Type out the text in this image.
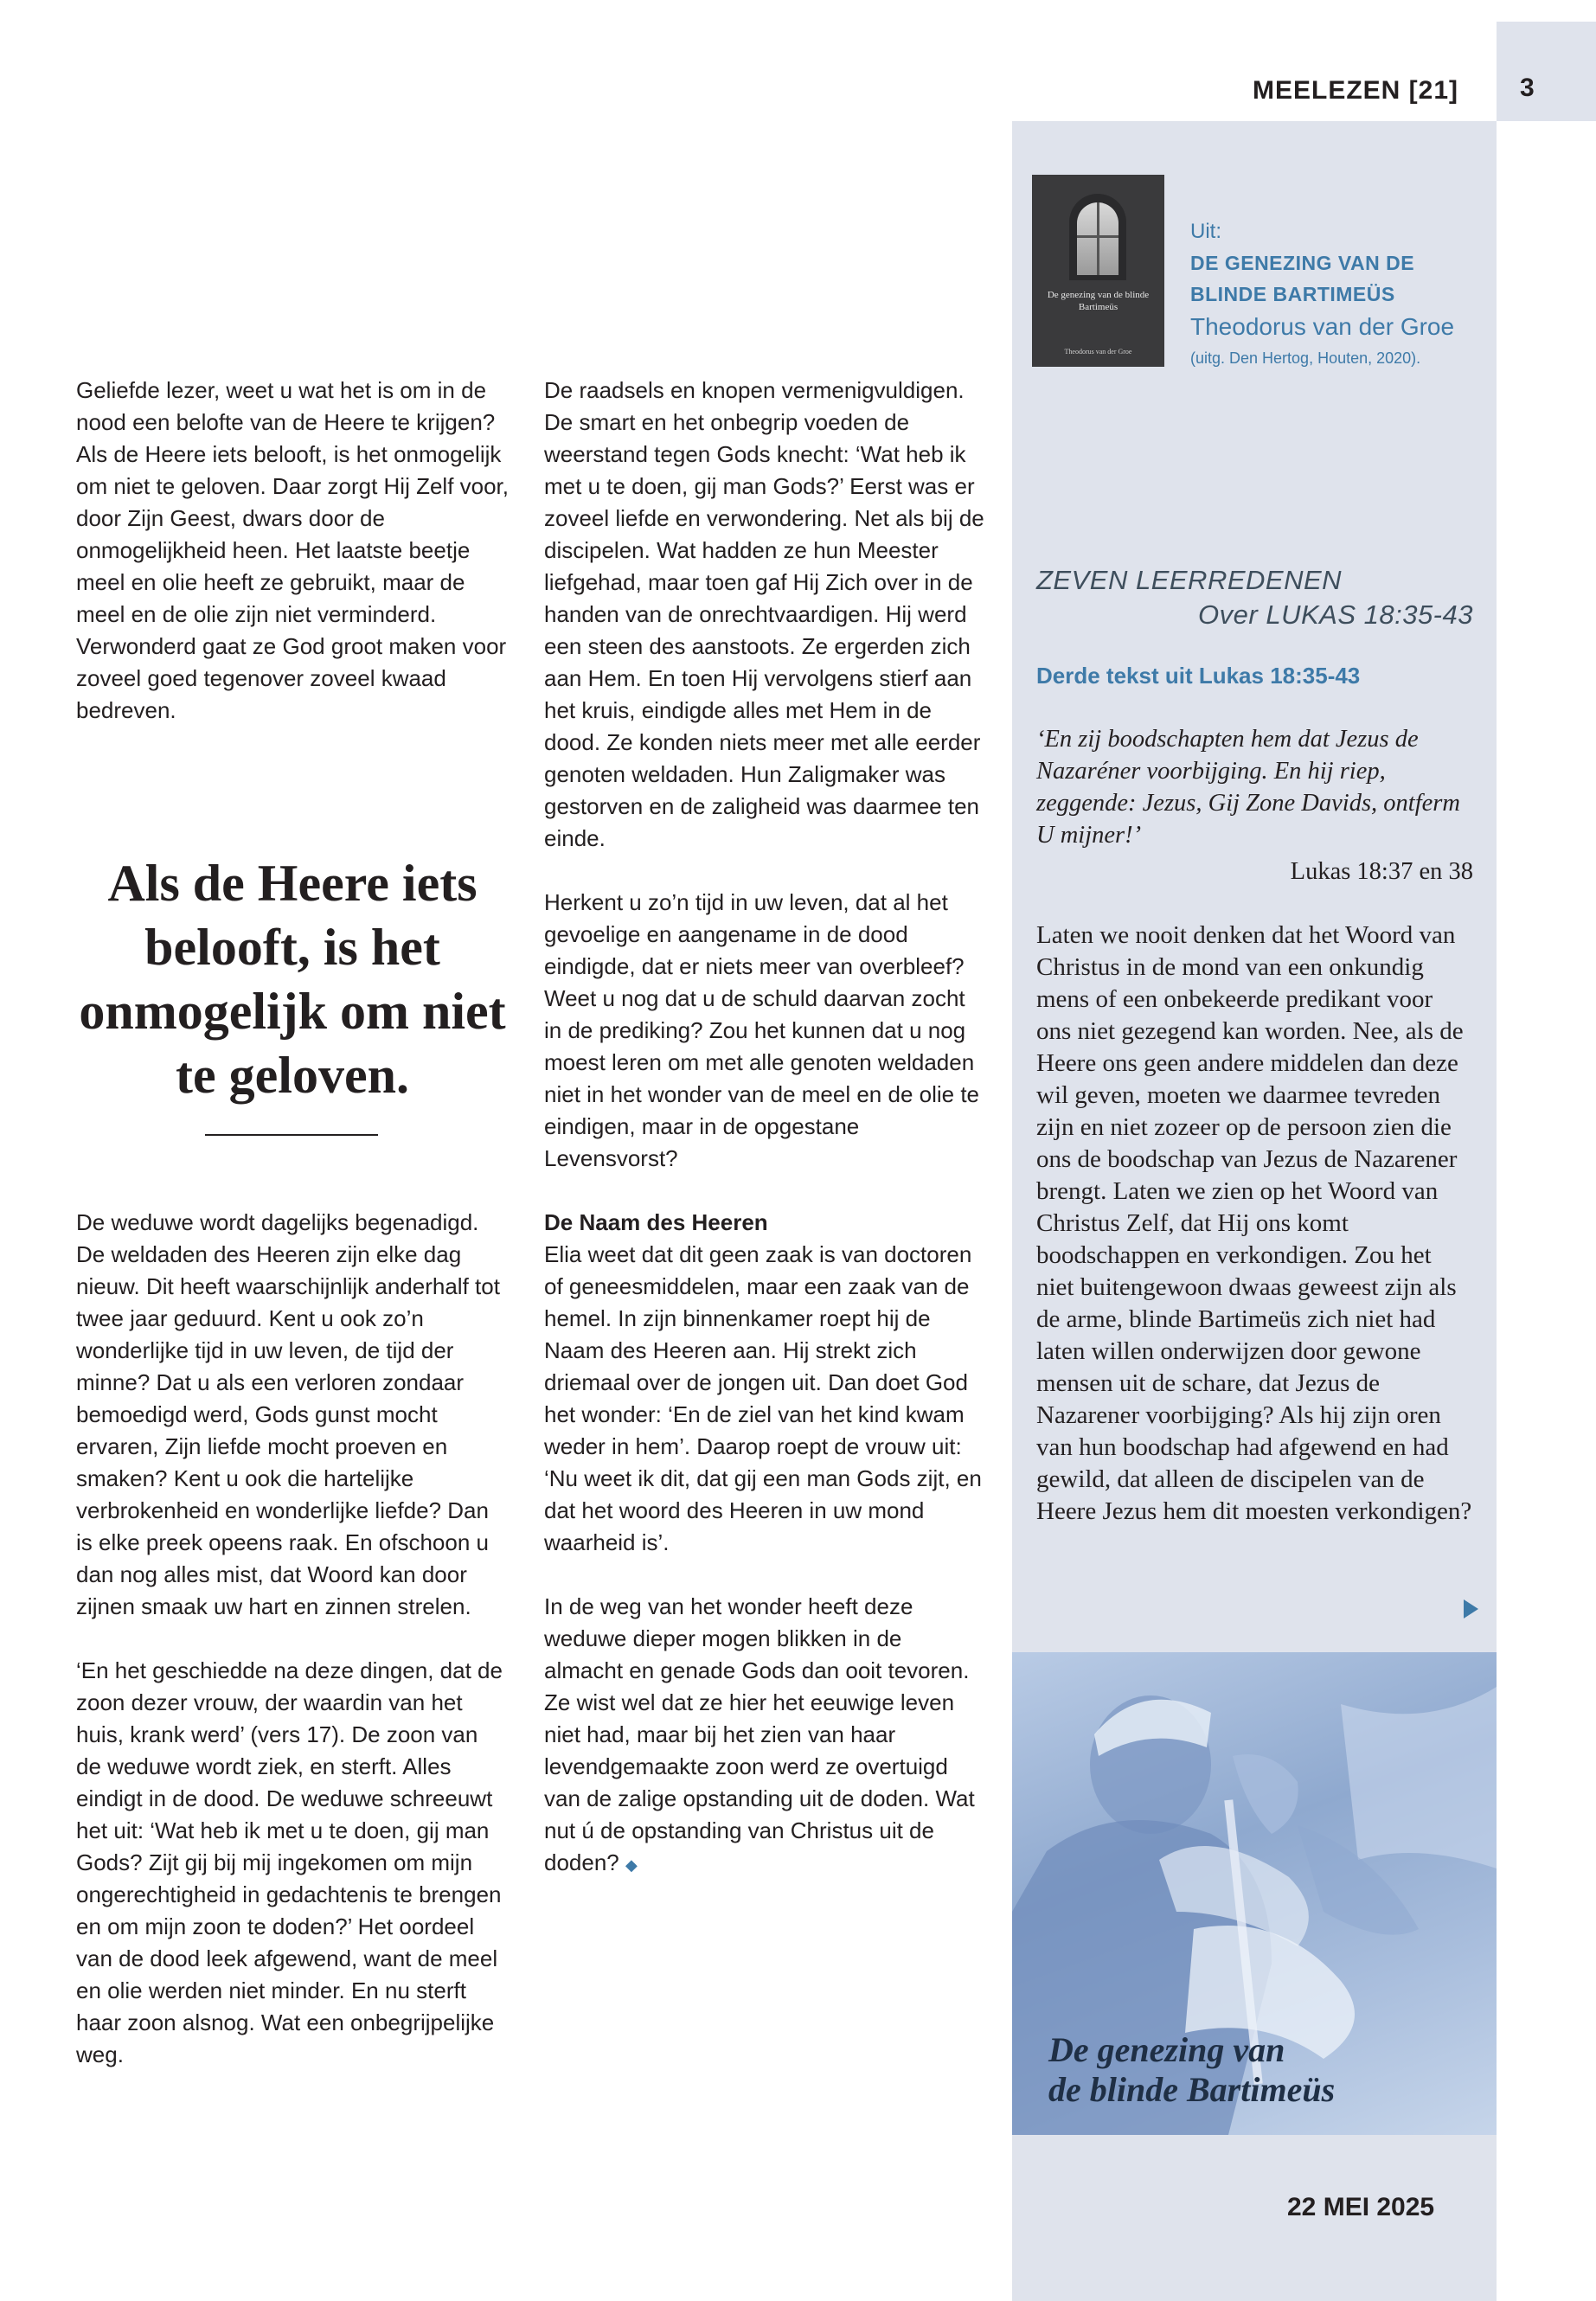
3
MEELEZEN [21]
De genezing van de blinde Bartimeüs
Theodorus van der Groe
Uit:
DE GENEZING VAN DE
BLINDE BARTIMEÜS
Theodorus van der Groe
(uitg. Den Hertog, Houten, 2020).
ZEVEN LEERREDENEN
Over LUKAS 18:35-43
Derde tekst uit Lukas 18:35-43
‘En zij boodschapten hem dat Jezus de Nazaréner voorbijging. En hij riep, zeggende: Jezus, Gij Zone Davids, ontferm U mijner!’
Lukas 18:37 en 38
Laten we nooit denken dat het Woord van Christus in de mond van een onkundig mens of een onbekeerde predikant voor ons niet gezegend kan worden. Nee, als de Heere ons geen andere middelen dan deze wil geven, moeten we daarmee tevreden zijn en niet zozeer op de persoon zien die ons de boodschap van Jezus de Nazarener brengt. Laten we zien op het Woord van Christus Zelf, dat Hij ons komt boodschappen en verkondigen. Zou het niet buitengewoon dwaas geweest zijn als de arme, blinde Bartimeüs zich niet had laten willen onderwijzen door gewone mensen uit de schare, dat Jezus de Nazarener voorbijging? Als hij zijn oren van hun boodschap had afgewend en had gewild, dat alleen de discipelen van de Heere Jezus hem dit moesten verkondigen?
De genezing van
de blinde Bartimeüs
22 MEI 2025

Geliefde lezer, weet u wat het is om in de nood een belofte van de Heere te krijgen? Als de Heere iets belooft, is het onmogelijk om niet te geloven. Daar zorgt Hij Zelf voor, door Zijn Geest, dwars door de onmogelijkheid heen. Het laatste beetje meel en olie heeft ze gebruikt, maar de meel en de olie zijn niet verminderd. Verwonderd gaat ze God groot maken voor zoveel goed tegenover zoveel kwaad bedreven.

Als de Heere iets belooft, is het onmogelijk om niet te geloven.

De weduwe wordt dagelijks begenadigd. De weldaden des Heeren zijn elke dag nieuw. Dit heeft waarschijnlijk anderhalf tot twee jaar geduurd. Kent u ook zo’n wonderlijke tijd in uw leven, de tijd der minne? Dat u als een verloren zondaar bemoedigd werd, Gods gunst mocht ervaren, Zijn liefde mocht proeven en smaken? Kent u ook die hartelijke verbrokenheid en wonderlijke liefde? Dan is elke preek opeens raak. En ofschoon u dan nog alles mist, dat Woord kan door zijnen smaak uw hart en zinnen strelen.

‘En het geschiedde na deze dingen, dat de zoon dezer vrouw, der waardin van het huis, krank werd’ (vers 17). De zoon van de weduwe wordt ziek, en sterft. Alles eindigt in de dood. De weduwe schreeuwt het uit: ‘Wat heb ik met u te doen, gij man Gods? Zijt gij bij mij ingekomen om mijn ongerechtigheid in gedachtenis te brengen en om mijn zoon te doden?’ Het oordeel van de dood leek afgewend, want de meel en olie werden niet minder. En nu sterft haar zoon alsnog. Wat een onbegrijpelijke weg.

De raadsels en knopen vermenigvuldigen. De smart en het onbegrip voeden de weerstand tegen Gods knecht: ‘Wat heb ik met u te doen, gij man Gods?’ Eerst was er zoveel liefde en verwondering. Net als bij de discipelen. Wat hadden ze hun Meester liefgehad, maar toen gaf Hij Zich over in de handen van de onrechtvaardigen. Hij werd een steen des aanstoots. Ze ergerden zich aan Hem. En toen Hij vervolgens stierf aan het kruis, eindigde alles met Hem in de dood. Ze konden niets meer met alle eerder genoten weldaden. Hun Zaligmaker was gestorven en de zaligheid was daarmee ten einde.

Herkent u zo’n tijd in uw leven, dat al het gevoelige en aangename in de dood eindigde, dat er niets meer van overbleef? Weet u nog dat u de schuld daarvan zocht in de prediking? Zou het kunnen dat u nog moest leren om met alle genoten weldaden niet in het wonder van de meel en de olie te eindigen, maar in de opgestane Levensvorst?

De Naam des Heeren

Elia weet dat dit geen zaak is van doctoren of geneesmiddelen, maar een zaak van de hemel. In zijn binnenkamer roept hij de Naam des Heeren aan. Hij strekt zich driemaal over de jongen uit. Dan doet God het wonder: ‘En de ziel van het kind kwam weder in hem’. Daarop roept de vrouw uit: ‘Nu weet ik dit, dat gij een man Gods zijt, en dat het woord des Heeren in uw mond waarheid is’.

In de weg van het wonder heeft deze weduwe dieper mogen blikken in de almacht en genade Gods dan ooit tevoren. Ze wist wel dat ze hier het eeuwige leven niet had, maar bij het zien van haar levendgemaakte zoon werd ze overtuigd van de zalige opstanding uit de doden. Wat nut ú de opstanding van Christus uit de doden? ◆
